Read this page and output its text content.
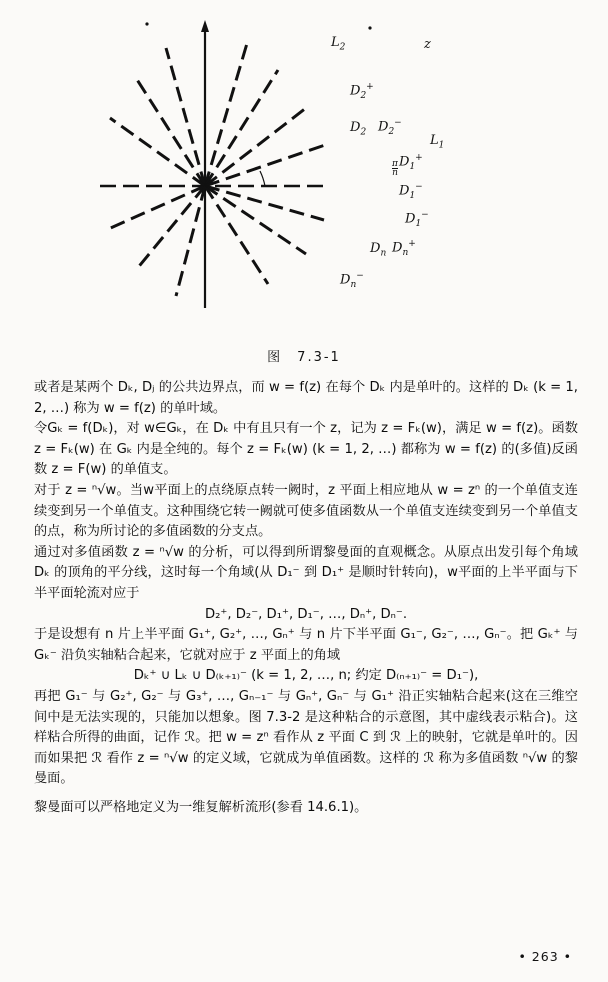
$L_2$	z
$D_2^+$
$D_2$ $D_2^-$
$L_1$
$D_1^+$
$D_1^-$
$D_1^-$
$D_n$ $D_n^+$
$D_n^-$
$\frac{\pi}{n}$
图　7.3-1

或者是某两个 Dₖ, Dⱼ 的公共边界点，而 w = f(z) 在每个 Dₖ 内是单叶的。这样的 Dₖ (k = 1, 2, …) 称为 w = f(z) 的单叶域。

令Gₖ = f(Dₖ)，对 w∈Gₖ，在 Dₖ 中有且只有一个 z，记为 z = Fₖ(w)，满足 w = f(z)。函数 z = Fₖ(w) 在 Gₖ 内是全纯的。每个 z = Fₖ(w) (k = 1, 2, …) 都称为 w = f(z) 的(多值)反函数 z = F(w) 的单值支。

对于 z = ⁿ√w。当w平面上的点绕原点转一阙时，z 平面上相应地从 w = zⁿ 的一个单值支连续变到另一个单值支。这种围绕它转一阙就可使多值函数从一个单值支连续变到另一个单值支的点，称为所讨论的多值函数的分支点。

通过对多值函数 z = ⁿ√w 的分析，可以得到所谓黎曼面的直观概念。从原点出发引每个角域 Dₖ 的顶角的平分线，这时每一个角域(从 D₁⁻ 到 D₁⁺ 是顺时针转向)，w平面的上半平面与下半平面轮流对应于

D₂⁺, D₂⁻, D₁⁺, D₁⁻, …, Dₙ⁺, Dₙ⁻.

于是设想有 n 片上半平面 G₁⁺, G₂⁺, …, Gₙ⁺ 与 n 片下半平面 G₁⁻, G₂⁻, …, Gₙ⁻。把 Gₖ⁺ 与 Gₖ⁻ 沿负实轴粘合起来，它就对应于 z 平面上的角域

Dₖ⁺ ∪ Lₖ ∪ D₍ₖ₊₁₎⁻ (k = 1, 2, …, n; 约定 D₍ₙ₊₁₎⁻ = D₁⁻),

再把 G₁⁻ 与 G₂⁺, G₂⁻ 与 G₃⁺, …, Gₙ₋₁⁻ 与 Gₙ⁺, Gₙ⁻ 与 G₁⁺ 沿正实轴粘合起来(这在三维空间中是无法实现的，只能加以想象。图 7.3-2 是这种粘合的示意图，其中虚线表示粘合)。这样粘合所得的曲面，记作 ℛ。把 w = zⁿ 看作从 z 平面 C 到 ℛ 上的映射，它就是单叶的。因而如果把 ℛ 看作 z = ⁿ√w 的定义域，它就成为单值函数。这样的 ℛ 称为多值函数 ⁿ√w 的黎曼面。

黎曼面可以严格地定义为一维复解析流形(参看 14.6.1)。

• 263 •
